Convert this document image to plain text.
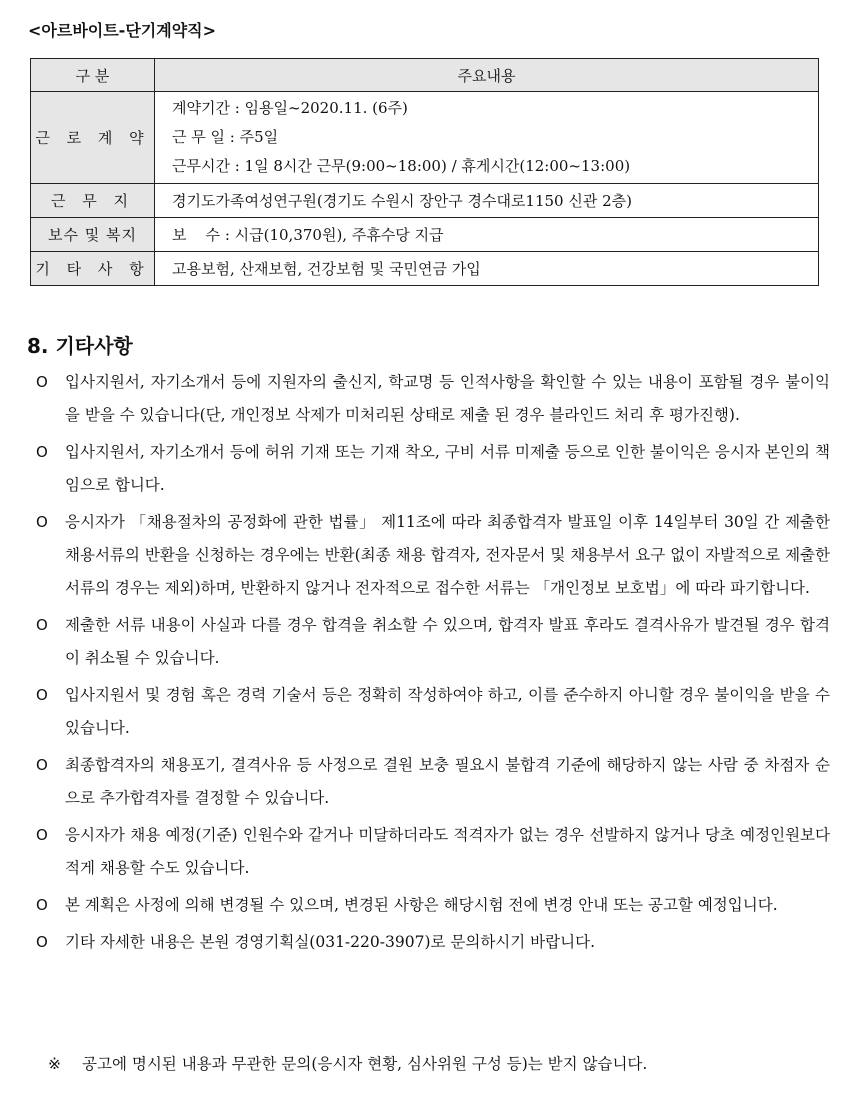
<아르바이트-단기계약직>
구 분	주요내용
근 로 계 약	계약기간 : 임용일~2020.11. (6주)
근 무 일 : 주5일
근무시간 : 1일 8시간 근무(9:00~18:00) / 휴게시간(12:00~13:00)

근 무 지	경기도가족여성연구원(경기도 수원시 장안구 경수대로1150 신관 2층)
보수 및 복지	보    수 : 시급(10,370원), 주휴수당 지급
기 타 사 항	고용보험, 산재보험, 건강보험 및 국민연금 가입
8. 기타사항
O 입사지원서, 자기소개서 등에 지원자의 출신지, 학교명 등 인적사항을 확인할 수 있는 내용이 포함될 경우 불이익을 받을 수 있습니다(단, 개인정보 삭제가 미처리된 상태로 제출 된 경우 블라인드 처리 후 평가진행).
O 입사지원서, 자기소개서 등에 허위 기재 또는 기재 착오, 구비 서류 미제출 등으로 인한 불이익은 응시자 본인의 책임으로 합니다.
O 응시자가 「채용절차의 공정화에 관한 법률」 제11조에 따라 최종합격자 발표일 이후 14일부터 30일 간 제출한 채용서류의 반환을 신청하는 경우에는 반환(최종 채용 합격자, 전자문서 및 채용부서 요구 없이 자발적으로 제출한 서류의 경우는 제외)하며, 반환하지 않거나 전자적으로 접수한 서류는 「개인정보 보호법」에 따라 파기합니다.
O 제출한 서류 내용이 사실과 다를 경우 합격을 취소할 수 있으며, 합격자 발표 후라도 결격사유가 발견될 경우 합격이 취소될 수 있습니다.
O 입사지원서 및 경험 혹은 경력 기술서 등은 정확히 작성하여야 하고, 이를 준수하지 아니할 경우 불이익을 받을 수 있습니다.
O 최종합격자의 채용포기, 결격사유 등 사정으로 결원 보충 필요시 불합격 기준에 해당하지 않는 사람 중 차점자 순으로 추가합격자를 결정할 수 있습니다.
O 응시자가 채용 예정(기준) 인원수와 같거나 미달하더라도 적격자가 없는 경우 선발하지 않거나 당초 예정인원보다 적게 채용할 수도 있습니다.
O 본 계획은 사정에 의해 변경될 수 있으며, 변경된 사항은 해당시험 전에 변경 안내 또는 공고할 예정입니다.
O 기타 자세한 내용은 본원 경영기획실(031-220-3907)로 문의하시기 바랍니다.
※ 공고에 명시된 내용과 무관한 문의(응시자 현황, 심사위원 구성 등)는 받지 않습니다.
